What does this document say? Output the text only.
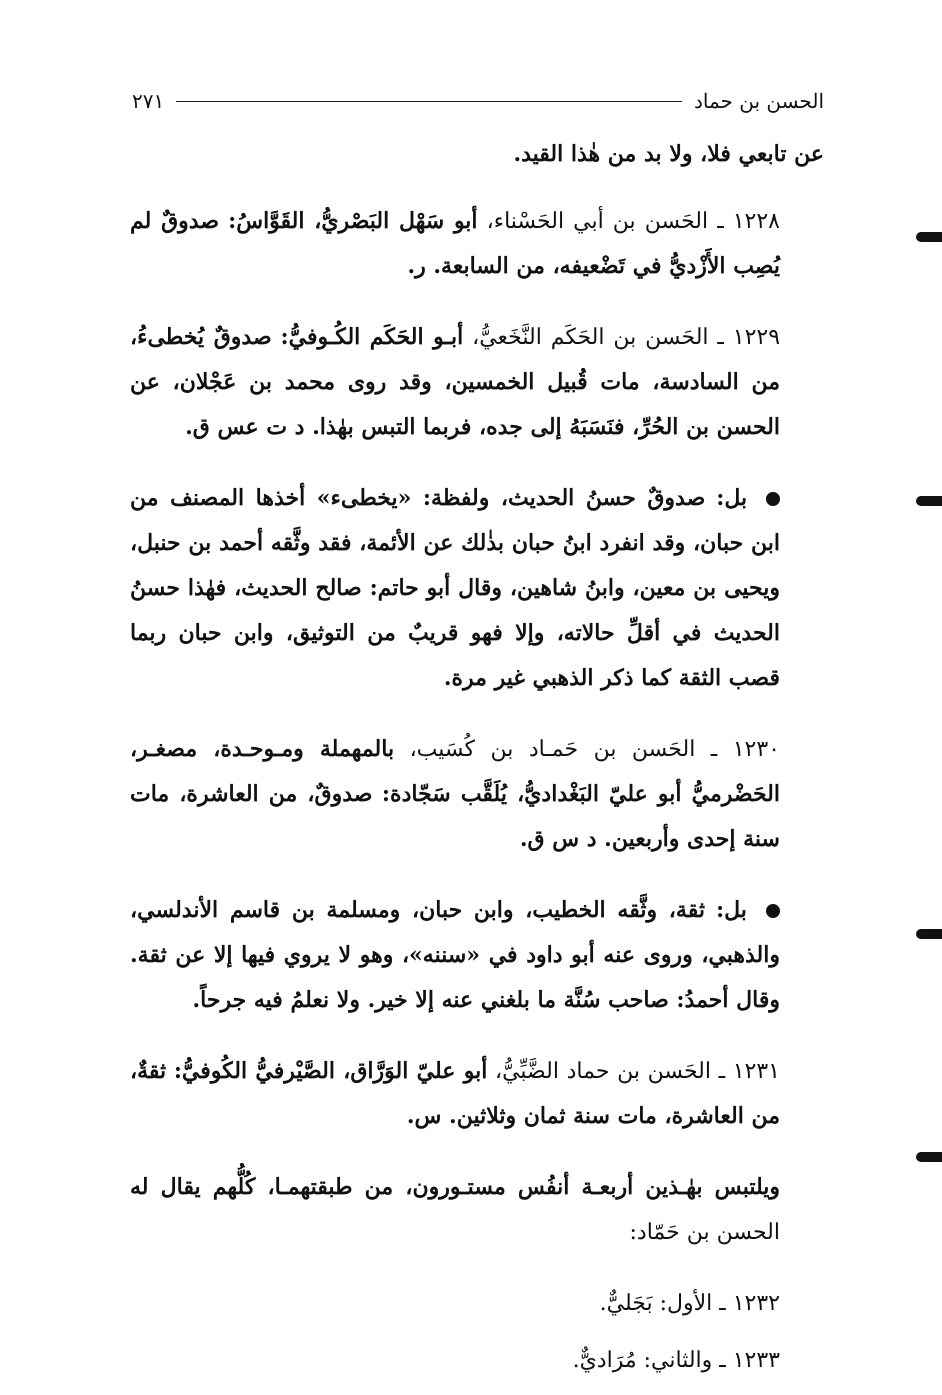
الحسن بن حماد
٢٧١

عن تابعي فلا، ولا بد من هٰذا القيد.

١٢٢٨ ـ الحَسن بن أبي الحَسْناء، أبو سَهْل البَصْريُّ، القَوَّاسُ: صدوقٌ لم يُصِب الأَزْديُّ في تَضْعيفه، من السابعة. ر.

١٢٢٩ ـ الحَسن بن الحَكَم النَّخَعيُّ، أبـو الحَكَم الكُـوفيُّ: صدوقٌ يُخطىءُ، من السادسة، مات قُبيل الخمسين، وقد روى محمد بن عَجْلان، عن الحسن بن الحُرِّ، فنَسَبَهُ إلى جده، فربما التبس بهٰذا. د ت عس ق.

بل: صدوقٌ حسنُ الحديث، ولفظة: «يخطىء» أخذها المصنف من ابن حبان، وقد انفرد ابنُ حبان بذٰلك عن الأئمة، فقد وثَّقه أحمد بن حنبل، ويحيى بن معين، وابنُ شاهين، وقال أبو حاتم: صالح الحديث، فهٰذا حسنُ الحديث في أقلِّ حالاته، وإلا فهو قريبٌ من التوثيق، وابن حبان ربما قصب الثقة كما ذكر الذهبي غير مرة.

١٢٣٠ ـ الحَسن بن حَمـاد بن كُسَيب، بالمهملة ومـوحـدة، مصغـر، الحَضْرميُّ أبو عليّ البَغْداديُّ، يُلَقَّب سَجّادة: صدوقٌ، من العاشرة، مات سنة إحدى وأربعين. د س ق.

بل: ثقة، وثَّقه الخطيب، وابن حبان، ومسلمة بن قاسم الأندلسي، والذهبي، وروى عنه أبو داود في «سننه»، وهو لا يروي فيها إلا عن ثقة. وقال أحمدُ: صاحب سُنَّة ما بلغني عنه إلا خير. ولا نعلمُ فيه جرحاً.

١٢٣١ ـ الحَسن بن حماد الضَّبِّيُّ، أبو عليّ الوَرَّاق، الصَّيْرفيُّ الكُوفيُّ: ثقةٌ، من العاشرة، مات سنة ثمان وثلاثين. س.

ويلتبس بهٰـذين أربعـة أنفُس مستـورون، من طبقتهمـا، كُلُّهم يقال له الحسن بن حَمّاد:

١٢٣٢ ـ الأول: بَجَليٌّ.

١٢٣٣ ـ والثاني: مُرَاديٌّ.
